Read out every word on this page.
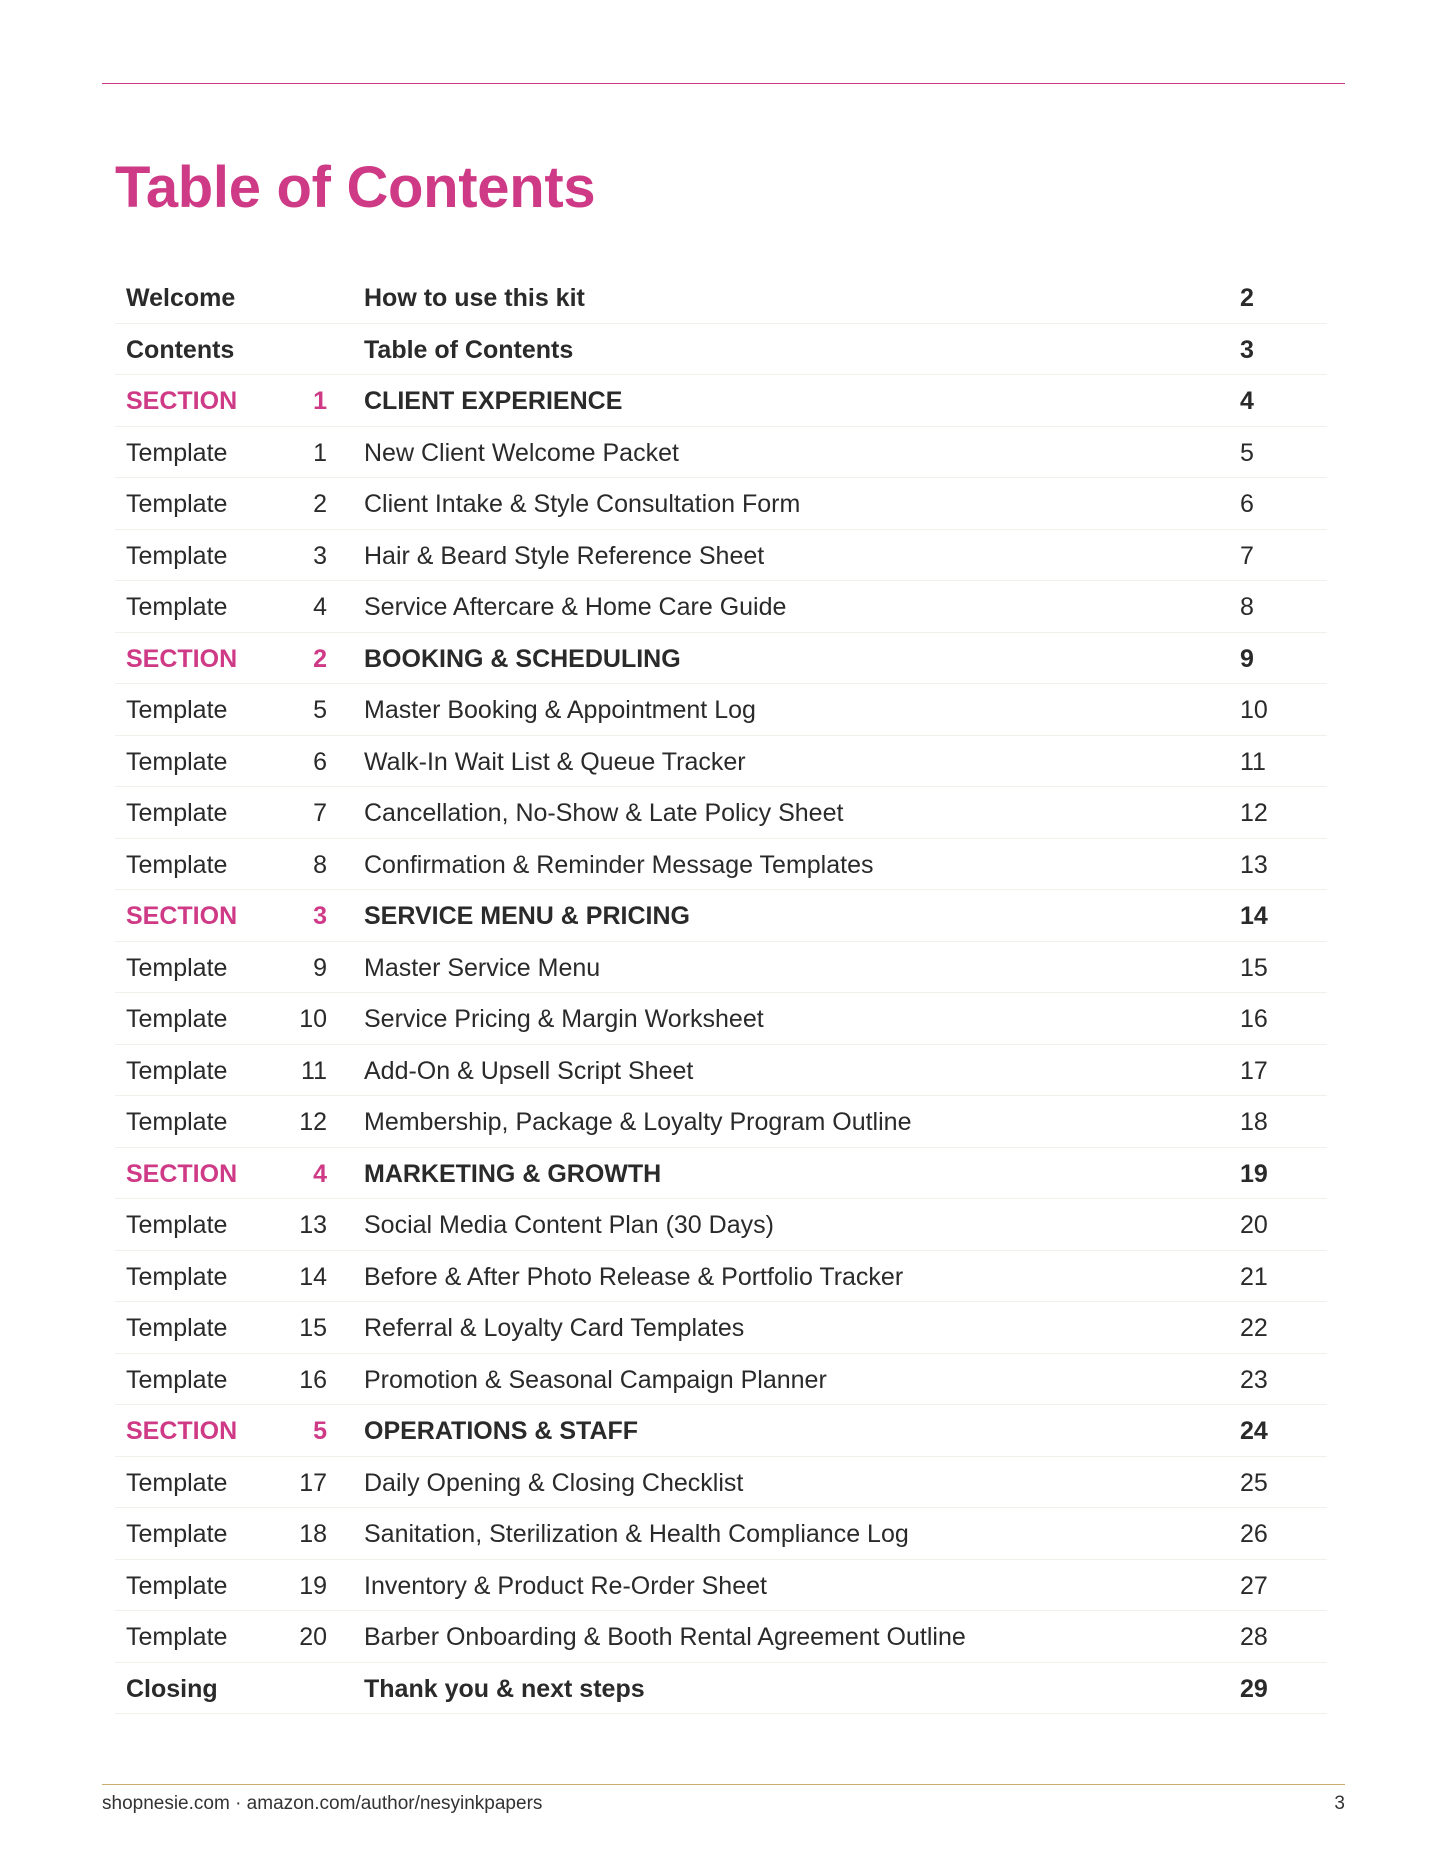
Table of Contents
Welcome	How to use this kit	2
Contents	Table of Contents	3
SECTION	1 CLIENT EXPERIENCE	4
Template	1 New Client Welcome Packet	5
Template	2 Client Intake & Style Consultation Form	6
Template	3 Hair & Beard Style Reference Sheet	7
Template	4 Service Aftercare & Home Care Guide	8
SECTION	2 BOOKING & SCHEDULING	9
Template	5 Master Booking & Appointment Log	10
Template	6 Walk-In Wait List & Queue Tracker	11
Template	7 Cancellation, No-Show & Late Policy Sheet	12
Template	8 Confirmation & Reminder Message Templates	13
SECTION	3 SERVICE MENU & PRICING	14
Template	9 Master Service Menu	15
Template	10 Service Pricing & Margin Worksheet	16
Template	11 Add-On & Upsell Script Sheet	17
Template	12 Membership, Package & Loyalty Program Outline	18
SECTION	4 MARKETING & GROWTH	19
Template	13 Social Media Content Plan (30 Days)	20
Template	14 Before & After Photo Release & Portfolio Tracker	21
Template	15 Referral & Loyalty Card Templates	22
Template	16 Promotion & Seasonal Campaign Planner	23
SECTION	5 OPERATIONS & STAFF	24
Template	17 Daily Opening & Closing Checklist	25
Template	18 Sanitation, Sterilization & Health Compliance Log	26
Template	19 Inventory & Product Re-Order Sheet	27
Template	20 Barber Onboarding & Booth Rental Agreement Outline	28
Closing	Thank you & next steps	29
shopnesie.com · amazon.com/author/nesyinkpapers	3
